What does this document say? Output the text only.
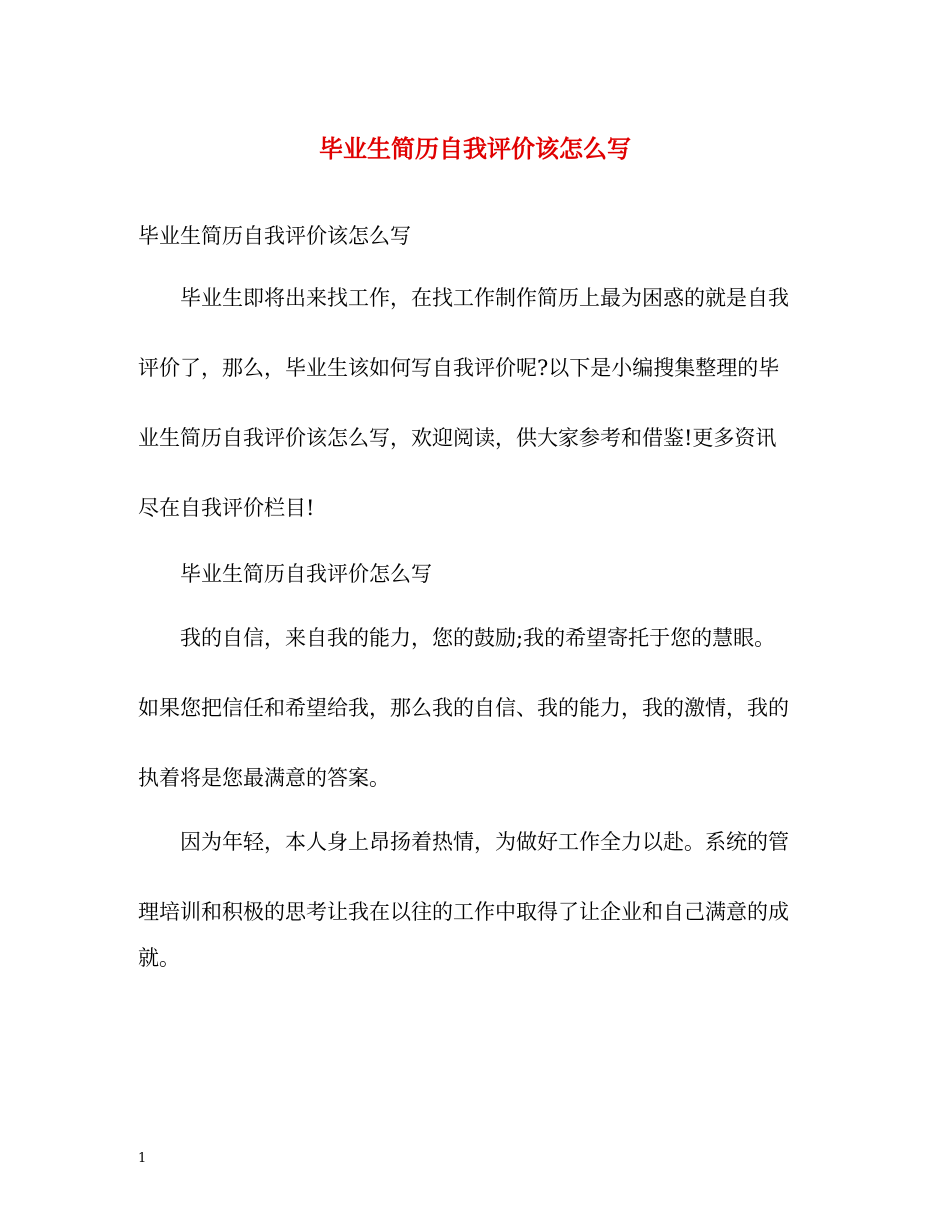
毕业生简历自我评价该怎么写
毕业生简历自我评价该怎么写
毕业生即将出来找工作，在找工作制作简历上最为困惑的就是自我
评价了，那么，毕业生该如何写自我评价呢?以下是小编搜集整理的毕
业生简历自我评价该怎么写，欢迎阅读，供大家参考和借鉴!更多资讯
尽在自我评价栏目!
毕业生简历自我评价怎么写
我的自信，来自我的能力，您的鼓励;我的希望寄托于您的慧眼。
如果您把信任和希望给我，那么我的自信、我的能力，我的激情，我的
执着将是您最满意的答案。
因为年轻，本人身上昂扬着热情，为做好工作全力以赴。系统的管
理培训和积极的思考让我在以往的工作中取得了让企业和自己满意的成
就。
1
